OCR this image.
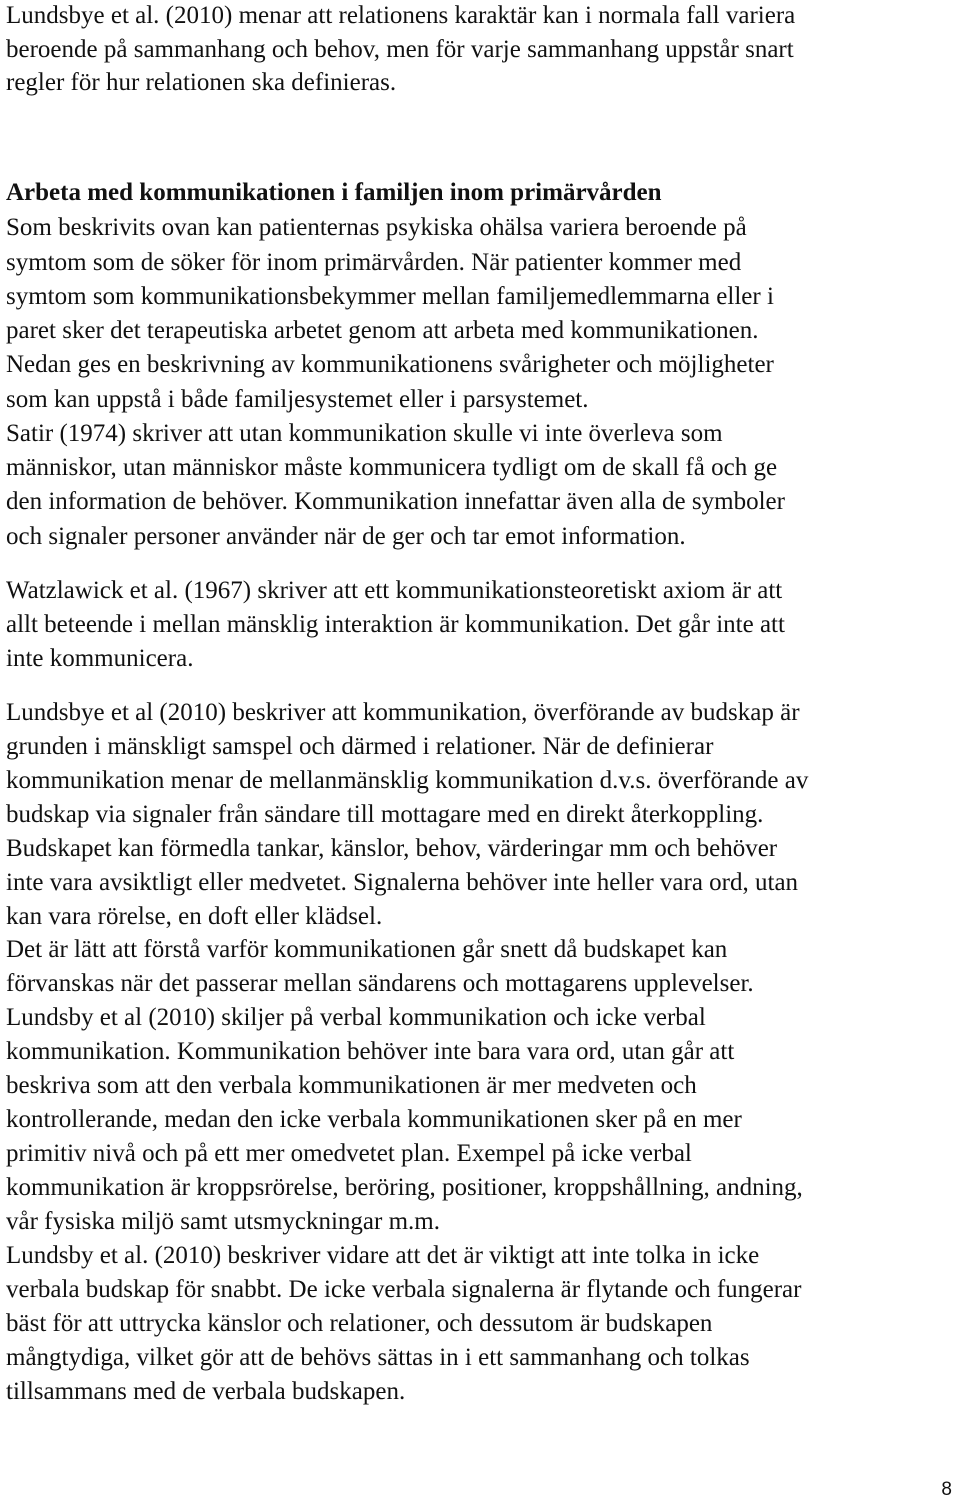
Lundsbye et al. (2010) menar att relationens karaktär kan i normala fall variera
beroende på sammanhang och behov, men för varje sammanhang uppstår snart
regler för hur relationen ska definieras.
Arbeta med kommunikationen i familjen inom primärvården
Som beskrivits ovan kan patienternas psykiska ohälsa variera beroende på
symtom som de söker för inom primärvården. När patienter kommer med
symtom som kommunikationsbekymmer mellan familjemedlemmarna eller i
paret sker det terapeutiska arbetet genom att arbeta med kommunikationen.
Nedan ges en beskrivning av kommunikationens svårigheter och möjligheter
som kan uppstå i både familjesystemet eller i parsystemet.
Satir (1974) skriver att utan kommunikation skulle vi inte överleva som
människor, utan människor måste kommunicera tydligt om de skall få och ge
den information de behöver. Kommunikation innefattar även alla de symboler
och signaler personer använder när de ger och tar emot information.
Watzlawick et al. (1967) skriver att ett kommunikationsteoretiskt axiom är att
allt beteende i mellan mänsklig interaktion är kommunikation. Det går inte att
inte kommunicera.
Lundsbye et al (2010) beskriver att kommunikation, överförande av budskap är
grunden i mänskligt samspel och därmed i relationer. När de definierar
kommunikation menar de mellanmänsklig kommunikation d.v.s. överförande av
budskap via signaler från sändare till mottagare med en direkt återkoppling.
Budskapet kan förmedla tankar, känslor, behov, värderingar mm och behöver
inte vara avsiktligt eller medvetet. Signalerna behöver inte heller vara ord, utan
kan vara rörelse, en doft eller klädsel.
Det är lätt att förstå varför kommunikationen går snett då budskapet kan
förvanskas när det passerar mellan sändarens och mottagarens upplevelser.
Lundsby et al (2010) skiljer på verbal kommunikation och icke verbal
kommunikation. Kommunikation behöver inte bara vara ord, utan går att
beskriva som att den verbala kommunikationen är mer medveten och
kontrollerande, medan den icke verbala kommunikationen sker på en mer
primitiv nivå och på ett mer omedvetet plan. Exempel på icke verbal
kommunikation är kroppsrörelse, beröring, positioner, kroppshållning, andning,
vår fysiska miljö samt utsmyckningar m.m.
Lundsby et al. (2010) beskriver vidare att det är viktigt att inte tolka in icke
verbala budskap för snabbt. De icke verbala signalerna är flytande och fungerar
bäst för att uttrycka känslor och relationer, och dessutom är budskapen
mångtydiga, vilket gör att de behövs sättas in i ett sammanhang och tolkas
tillsammans med de verbala budskapen.
8
